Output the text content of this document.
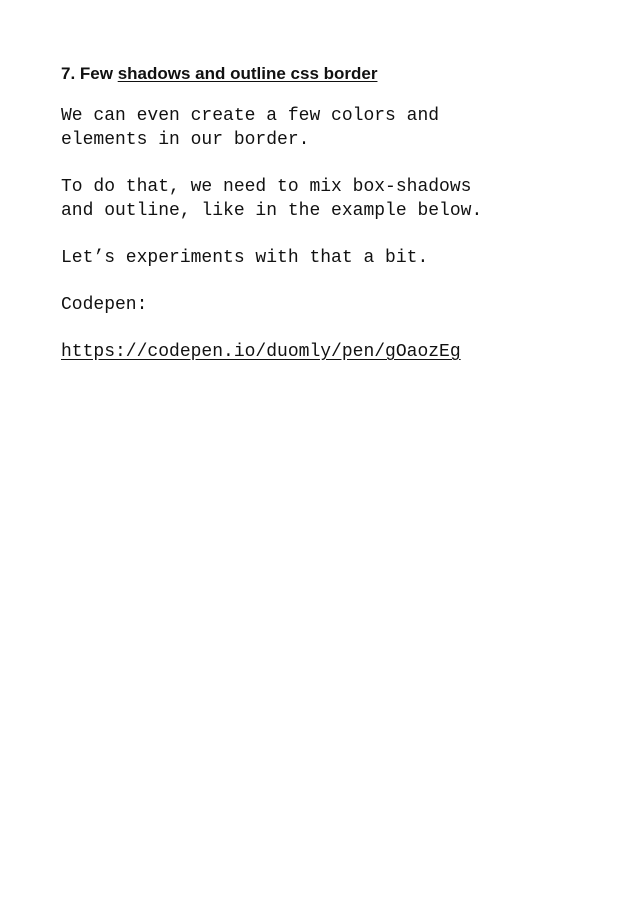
7. Few shadows and outline css border

We can even create a few colors and
elements in our border.

To do that, we need to mix box-shadows
and outline, like in the example below.

Let’s experiments with that a bit.

Codepen:

https://codepen.io/duomly/pen/gOaozEg
